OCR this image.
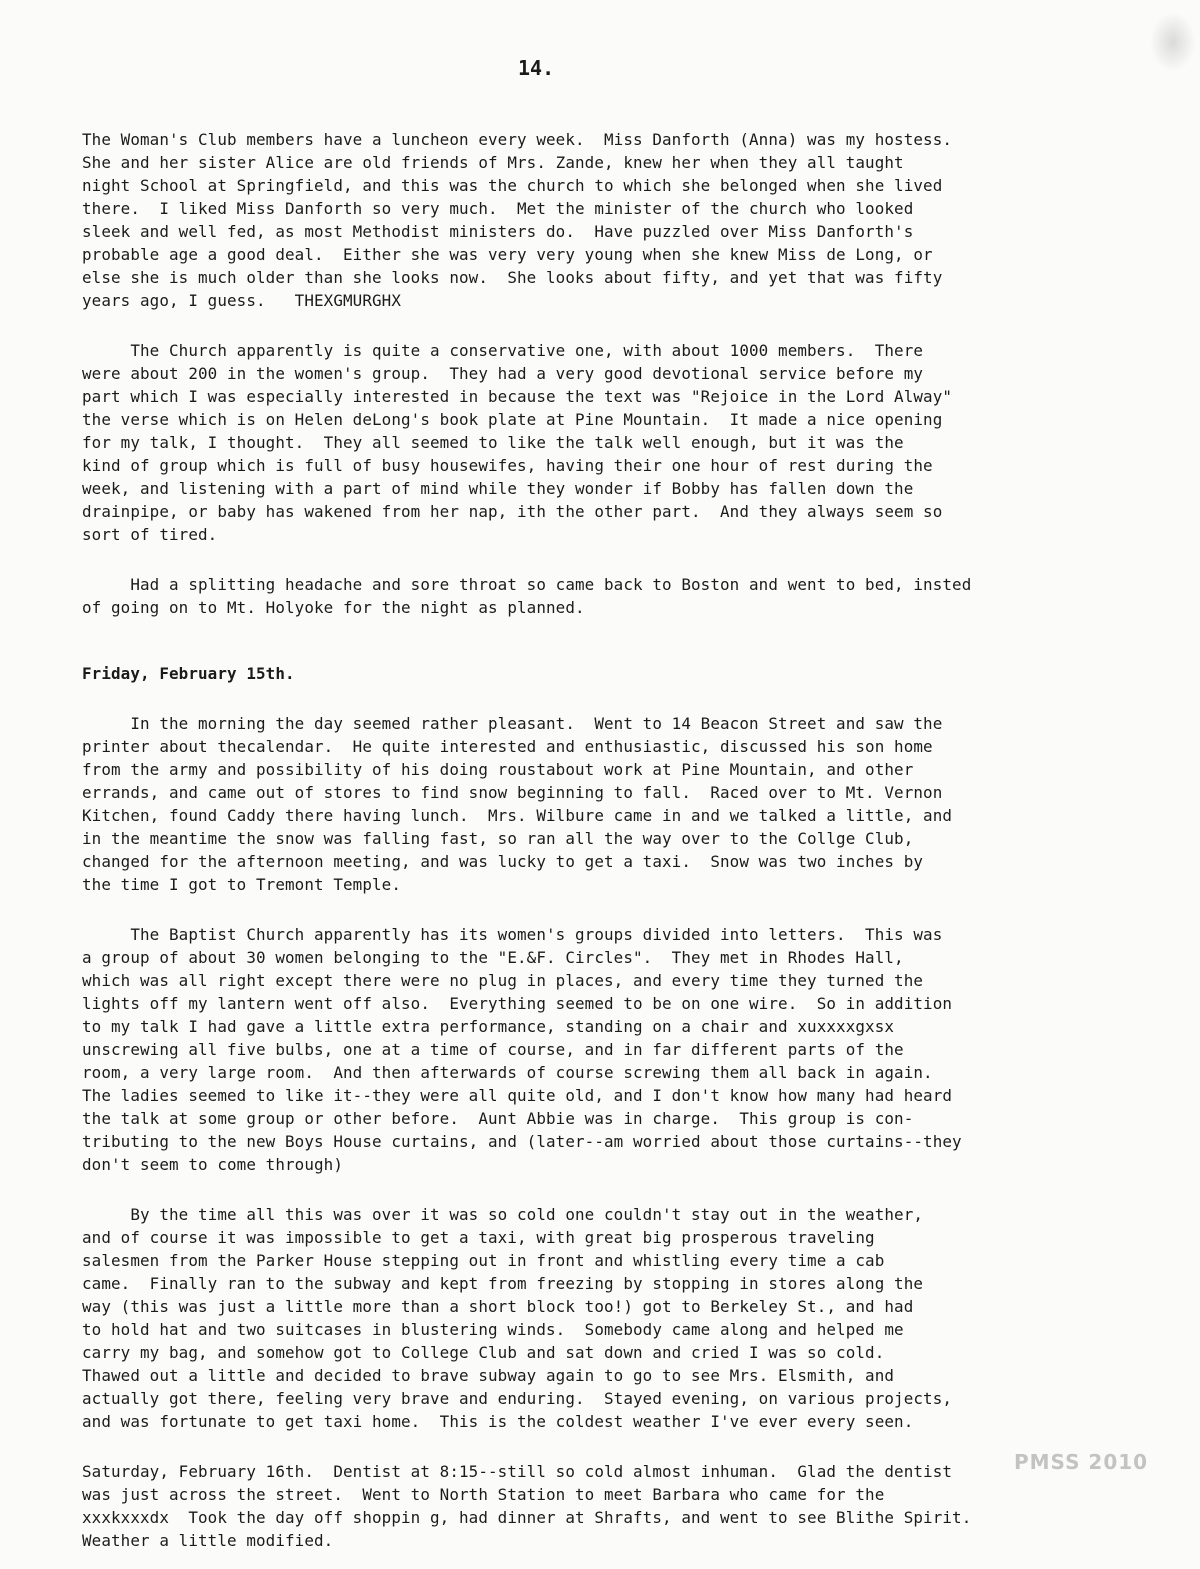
14.
The Woman's Club members have a luncheon every week.  Miss Danforth (Anna) was my hostess.
She and her sister Alice are old friends of Mrs. Zande, knew her when they all taught
night School at Springfield, and this was the church to which she belonged when she lived
there.  I liked Miss Danforth so very much.  Met the minister of the church who looked
sleek and well fed, as most Methodist ministers do.  Have puzzled over Miss Danforth's
probable age a good deal.  Either she was very very young when she knew Miss de Long, or
else she is much older than she looks now.  She looks about fifty, and yet that was fifty
years ago, I guess.   THEXGMURGHX
The Church apparently is quite a conservative one, with about 1000 members.  There
were about 200 in the women's group.  They had a very good devotional service before my
part which I was especially interested in because the text was "Rejoice in the Lord Alway"
the verse which is on Helen deLong's book plate at Pine Mountain.  It made a nice opening
for my talk, I thought.  They all seemed to like the talk well enough, but it was the
kind of group which is full of busy housewifes, having their one hour of rest during the
week, and listening with a part of mind while they wonder if Bobby has fallen down the
drainpipe, or baby has wakened from her nap, ith the other part.  And they always seem so
sort of tired.
Had a splitting headache and sore throat so came back to Boston and went to bed, insted
of going on to Mt. Holyoke for the night as planned.
Friday, February 15th.
In the morning the day seemed rather pleasant.  Went to 14 Beacon Street and saw the
printer about thecalendar.  He quite interested and enthusiastic, discussed his son home
from the army and possibility of his doing roustabout work at Pine Mountain, and other
errands, and came out of stores to find snow beginning to fall.  Raced over to Mt. Vernon
Kitchen, found Caddy there having lunch.  Mrs. Wilbure came in and we talked a little, and
in the meantime the snow was falling fast, so ran all the way over to the Collge Club,
changed for the afternoon meeting, and was lucky to get a taxi.  Snow was two inches by
the time I got to Tremont Temple.
The Baptist Church apparently has its women's groups divided into letters.  This was
a group of about 30 women belonging to the "E.&F. Circles".  They met in Rhodes Hall,
which was all right except there were no plug in places, and every time they turned the
lights off my lantern went off also.  Everything seemed to be on one wire.  So in addition
to my talk I had gave a little extra performance, standing on a chair and xuxxxxgxsx
unscrewing all five bulbs, one at a time of course, and in far different parts of the
room, a very large room.  And then afterwards of course screwing them all back in again.
The ladies seemed to like it--they were all quite old, and I don't know how many had heard
the talk at some group or other before.  Aunt Abbie was in charge.  This group is con-
tributing to the new Boys House curtains, and (later--am worried about those curtains--they
don't seem to come through)
By the time all this was over it was so cold one couldn't stay out in the weather,
and of course it was impossible to get a taxi, with great big prosperous traveling
salesmen from the Parker House stepping out in front and whistling every time a cab
came.  Finally ran to the subway and kept from freezing by stopping in stores along the
way (this was just a little more than a short block too!) got to Berkeley St., and had
to hold hat and two suitcases in blustering winds.  Somebody came along and helped me
carry my bag, and somehow got to College Club and sat down and cried I was so cold.
Thawed out a little and decided to brave subway again to go to see Mrs. Elsmith, and
actually got there, feeling very brave and enduring.  Stayed evening, on various projects,
and was fortunate to get taxi home.  This is the coldest weather I've ever every seen.
Saturday, February 16th.  Dentist at 8:15--still so cold almost inhuman.  Glad the dentist
was just across the street.  Went to North Station to meet Barbara who came for the
xxxkxxxdx  Took the day off shoppin g, had dinner at Shrafts, and went to see Blithe Spirit.
Weather a little modified.
PMSS 2010
